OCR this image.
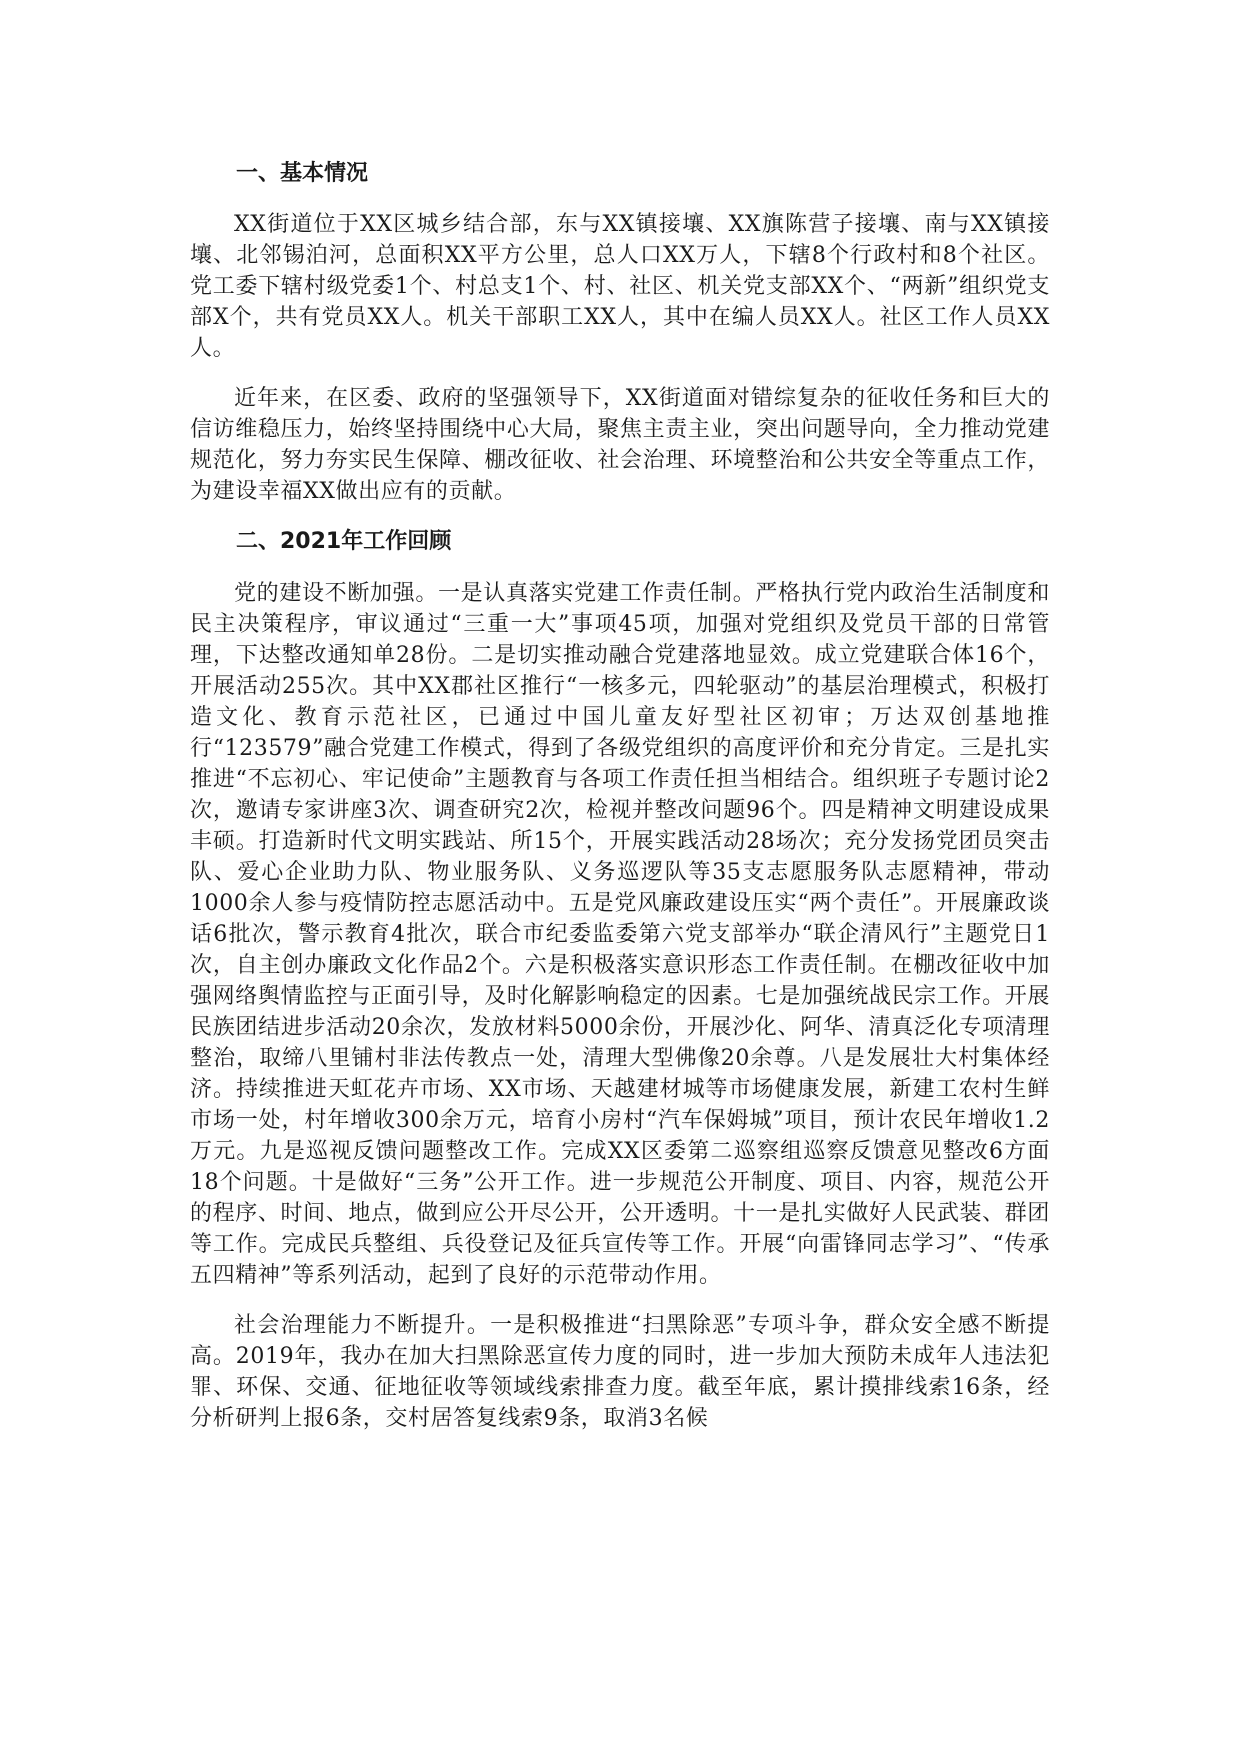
一、基本情况

XX街道位于XX区城乡结合部，东与XX镇接壤、XX旗陈营子接壤、南与XX镇接壤、北邻锡泊河，总面积XX平方公里，总人口XX万人，下辖8个行政村和8个社区。党工委下辖村级党委1个、村总支1个、村、社区、机关党支部XX个、“两新”组织党支部X个，共有党员XX人。机关干部职工XX人，其中在编人员XX人。社区工作人员XX人。

近年来，在区委、政府的坚强领导下，XX街道面对错综复杂的征收任务和巨大的信访维稳压力，始终坚持围绕中心大局，聚焦主责主业，突出问题导向，全力推动党建规范化，努力夯实民生保障、棚改征收、社会治理、环境整治和公共安全等重点工作，为建设幸福XX做出应有的贡献。

二、2021年工作回顾

党的建设不断加强。一是认真落实党建工作责任制。严格执行党内政治生活制度和民主决策程序，审议通过“三重一大”事项45项，加强对党组织及党员干部的日常管理，下达整改通知单28份。二是切实推动融合党建落地显效。成立党建联合体16个，开展活动255次。其中XX郡社区推行“一核多元，四轮驱动”的基层治理模式，积极打造文化、教育示范社区，已通过中国儿童友好型社区初审；万达双创基地推行“123579”融合党建工作模式，得到了各级党组织的高度评价和充分肯定。三是扎实推进“不忘初心、牢记使命”主题教育与各项工作责任担当相结合。组织班子专题讨论2次，邀请专家讲座3次、调查研究2次，检视并整改问题96个。四是精神文明建设成果丰硕。打造新时代文明实践站、所15个，开展实践活动28场次；充分发扬党团员突击队、爱心企业助力队、物业服务队、义务巡逻队等35支志愿服务队志愿精神，带动1000余人参与疫情防控志愿活动中。五是党风廉政建设压实“两个责任”。开展廉政谈话6批次，警示教育4批次，联合市纪委监委第六党支部举办“联企清风行”主题党日1次，自主创办廉政文化作品2个。六是积极落实意识形态工作责任制。在棚改征收中加强网络舆情监控与正面引导，及时化解影响稳定的因素。七是加强统战民宗工作。开展民族团结进步活动20余次，发放材料5000余份，开展沙化、阿华、清真泛化专项清理整治，取缔八里铺村非法传教点一处，清理大型佛像20余尊。八是发展壮大村集体经济。持续推进天虹花卉市场、XX市场、天越建材城等市场健康发展，新建工农村生鲜市场一处，村年增收300余万元，培育小房村“汽车保姆城”项目，预计农民年增收1.2万元。九是巡视反馈问题整改工作。完成XX区委第二巡察组巡察反馈意见整改6方面18个问题。十是做好“三务”公开工作。进一步规范公开制度、项目、内容，规范公开的程序、时间、地点，做到应公开尽公开，公开透明。十一是扎实做好人民武装、群团等工作。完成民兵整组、兵役登记及征兵宣传等工作。开展“向雷锋同志学习”、“传承五四精神”等系列活动，起到了良好的示范带动作用。

社会治理能力不断提升。一是积极推进“扫黑除恶”专项斗争，群众安全感不断提高。2019年，我办在加大扫黑除恶宣传力度的同时，进一步加大预防未成年人违法犯罪、环保、交通、征地征收等领域线索排查力度。截至年底，累计摸排线索16条，经分析研判上报6条，交村居答复线索9条，取消3名候
